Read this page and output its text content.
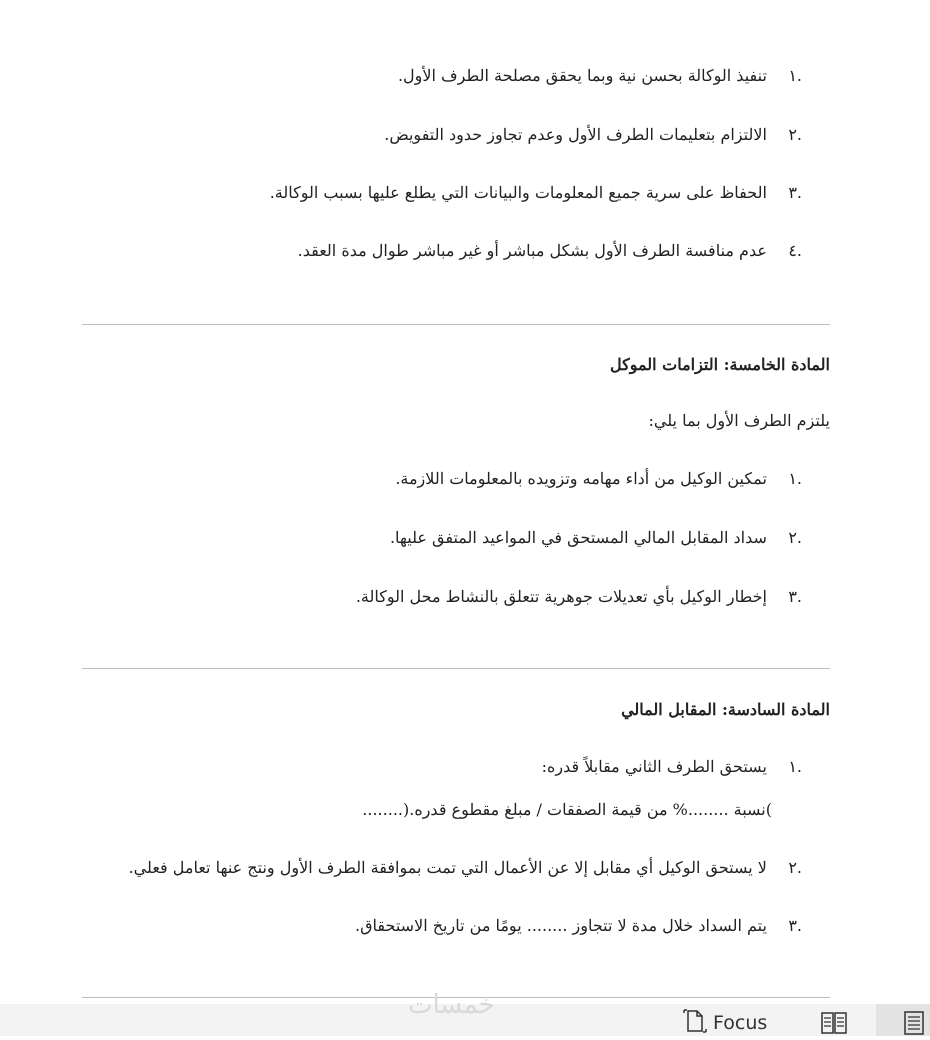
.١ تنفيذ الوكالة بحسن نية وبما يحقق مصلحة الطرف الأول.
.٢ الالتزام بتعليمات الطرف الأول وعدم تجاوز حدود التفويض.
.٣ الحفاظ على سرية جميع المعلومات والبيانات التي يطلع عليها بسبب الوكالة.
.٤ عدم منافسة الطرف الأول بشكل مباشر أو غير مباشر طوال مدة العقد.
المادة الخامسة: التزامات الموكل
يلتزم الطرف الأول بما يلي:
.١ تمكين الوكيل من أداء مهامه وتزويده بالمعلومات اللازمة.
.٢ سداد المقابل المالي المستحق في المواعيد المتفق عليها.
.٣ إخطار الوكيل بأي تعديلات جوهرية تتعلق بالنشاط محل الوكالة.
المادة السادسة: المقابل المالي
.١ يستحق الطرف الثاني مقابلاً قدره:
)نسبة ........% من قيمة الصفقات / مبلغ مقطوع قدره.(........
.٢ لا يستحق الوكيل أي مقابل إلا عن الأعمال التي تمت بموافقة الطرف الأول ونتج عنها تعامل فعلي.
.٣ يتم السداد خلال مدة لا تتجاوز ........ يومًا من تاريخ الاستحقاق.
خمسات
Focus
